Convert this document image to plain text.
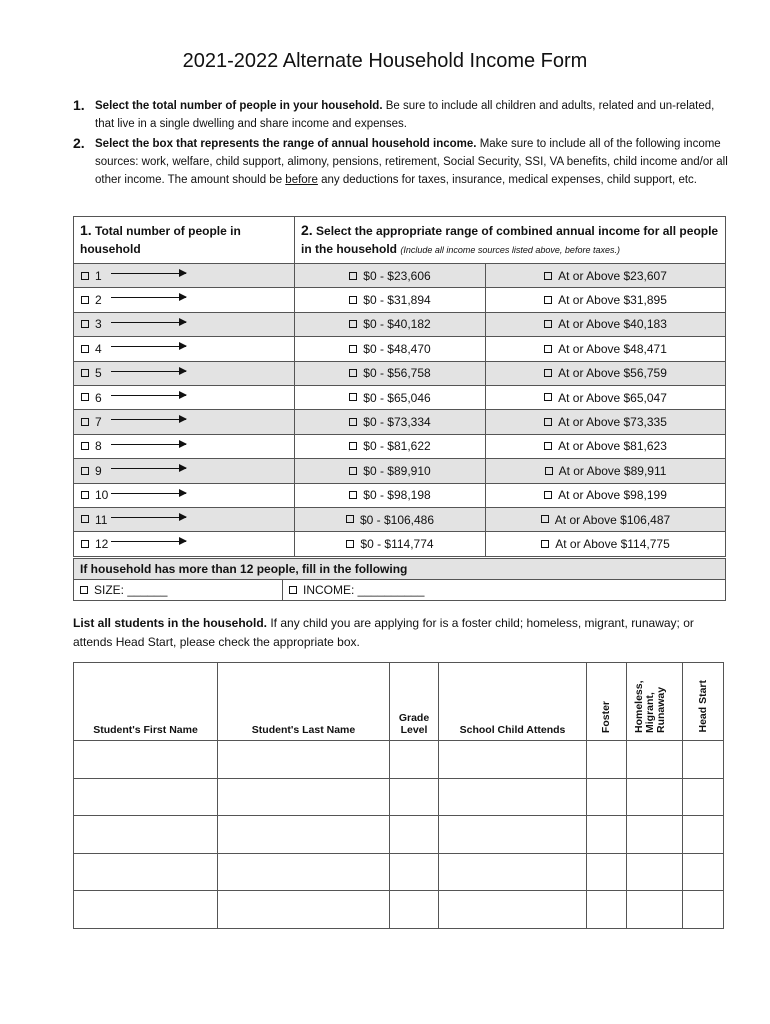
2021-2022 Alternate Household Income Form
1. Select the total number of people in your household. Be sure to include all children and adults, related and un-related, that live in a single dwelling and share income and expenses.
2. Select the box that represents the range of annual household income. Make sure to include all of the following income sources: work, welfare, child support, alimony, pensions, retirement, Social Security, SSI, VA benefits, child income and/or all other income. The amount should be before any deductions for taxes, insurance, medical expenses, child support, etc.
1. Total number of people in household	2. Select the appropriate range of combined annual income for all people in the household (Include all income sources listed above, before taxes.)	
1	$0 - $23,606	At or Above $23,607
2	$0 - $31,894	At or Above $31,895
3	$0 - $40,182	At or Above $40,183
4	$0 - $48,470	At or Above $48,471
5	$0 - $56,758	At or Above $56,759
6	$0 - $65,046	At or Above $65,047
7	$0 - $73,334	At or Above $73,335
8	$0 - $81,622	At or Above $81,623
9	$0 - $89,910	At or Above $89,911
10	$0 - $98,198	At or Above $98,199
11	$0 - $106,486	At or Above $106,487
12	$0 - $114,774	At or Above $114,775
If household has more than 12 people, fill in the following
SIZE: ______	INCOME: __________
List all students in the household. If any child you are applying for is a foster child; homeless, migrant, runaway; or attends Head Start, please check the appropriate box.
Student's First Name	Student's Last Name	Grade Level	School Child Attends	Foster	Homeless, Migrant, Runaway	Head Start
